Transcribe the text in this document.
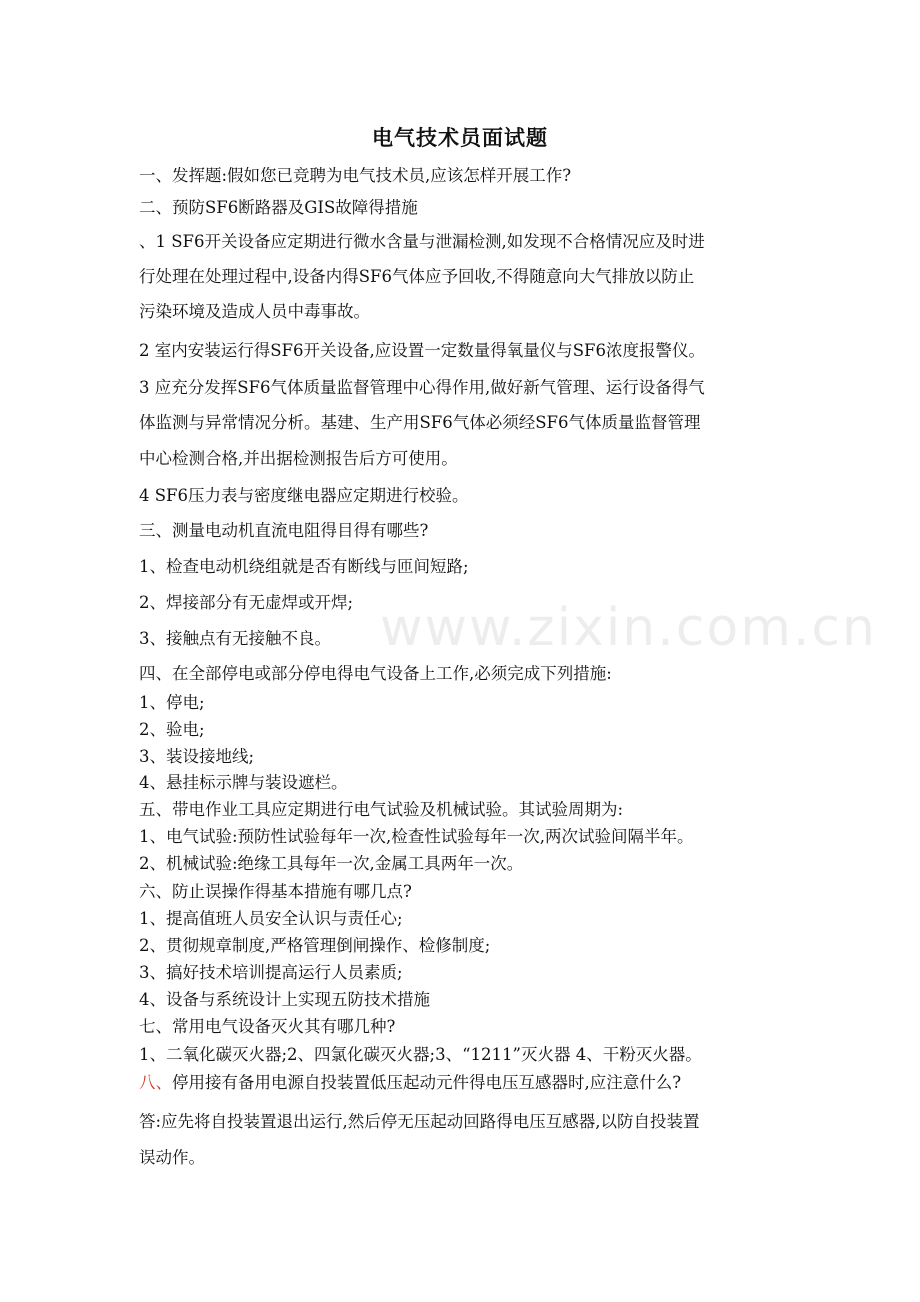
电气技术员面试题
www.zixin.com.cn
一、发挥题:假如您已竞聘为电气技术员,应该怎样开展工作?
二、预防SF6断路器及GIS故障得措施
、1 SF6开关设备应定期进行微水含量与泄漏检测,如发现不合格情况应及时进
行处理在处理过程中,设备内得SF6气体应予回收,不得随意向大气排放以防止
污染环境及造成人员中毒事故。
2 室内安装运行得SF6开关设备,应设置一定数量得氧量仪与SF6浓度报警仪。
3 应充分发挥SF6气体质量监督管理中心得作用,做好新气管理、运行设备得气
体监测与异常情况分析。基建、生产用SF6气体必须经SF6气体质量监督管理
中心检测合格,并出据检测报告后方可使用。
4 SF6压力表与密度继电器应定期进行校验。
三、测量电动机直流电阻得目得有哪些?
1、检查电动机绕组就是否有断线与匝间短路;
2、焊接部分有无虚焊或开焊;
3、接触点有无接触不良。
四、在全部停电或部分停电得电气设备上工作,必须完成下列措施:
1、停电;
2、验电;
3、装设接地线;
4、悬挂标示牌与装设遮栏。
五、带电作业工具应定期进行电气试验及机械试验。其试验周期为:
1、电气试验:预防性试验每年一次,检查性试验每年一次,两次试验间隔半年。
2、机械试验:绝缘工具每年一次,金属工具两年一次。
六、防止误操作得基本措施有哪几点?
1、提高值班人员安全认识与责任心;
2、贯彻规章制度,严格管理倒闸操作、检修制度;
3、搞好技术培训提高运行人员素质;
4、设备与系统设计上实现五防技术措施
七、常用电气设备灭火其有哪几种?
1、二氧化碳灭火器;2、四氯化碳灭火器;3、“1211”灭火器 4、干粉灭火器。
八、停用接有备用电源自投装置低压起动元件得电压互感器时,应注意什么?
答:应先将自投装置退出运行,然后停无压起动回路得电压互感器,以防自投装置
误动作。
